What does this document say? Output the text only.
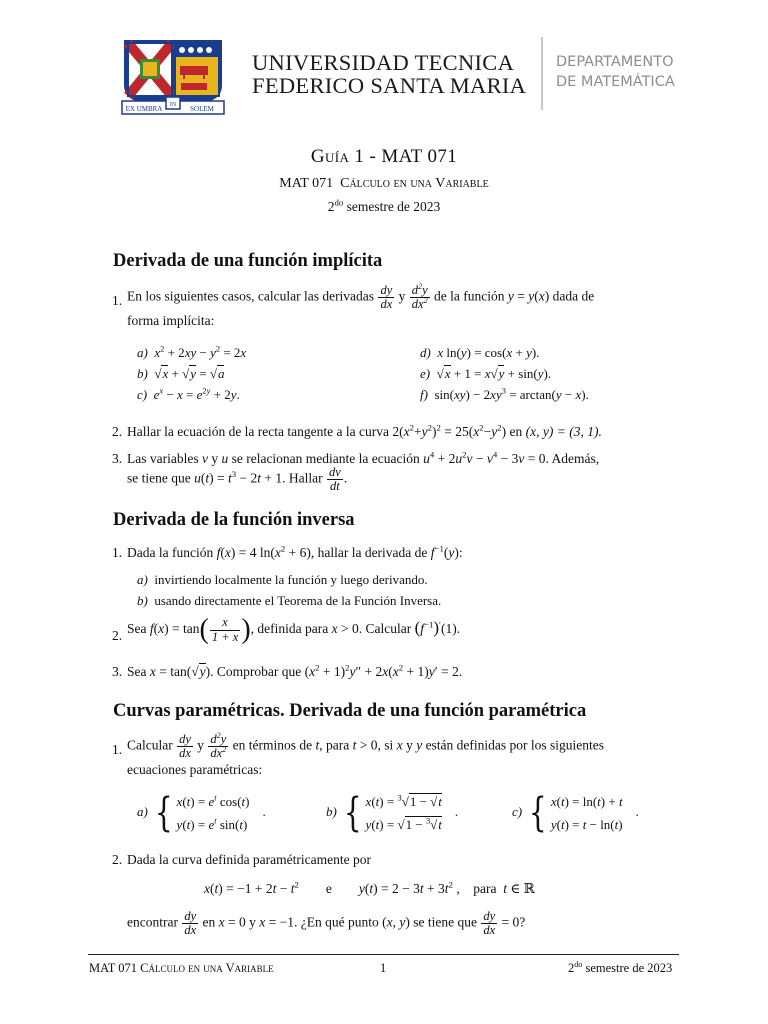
EX UMBRA IN SOLEM
UNIVERSIDAD TECNICA
FEDERICO SANTA MARIA
DEPARTAMENTO
DE MATEMÁTICA
Guía 1 - MAT 071
MAT 071 Cálculo en una Variable
$2^{do}$ semestre de 2023
Derivada de una función implícita
1. En los siguientes casos, calcular las derivadas $\frac{dy}{dx}$ y $\frac{d^2y}{dx^2}$ de la función y = y(x) dada de
forma implícita:
a) $x^2 + 2xy - y^2 = 2x$
b)  √x + √y = √a
c) $e^x - x = e^{2y} + 2y$.
d) x ln(y) = cos(x + y).
e)  √x + 1 = x√y + sin(y).
f)  $\sin(xy) - 2xy^3 = \arctan(y - x)$.
2. Hallar la ecuación de la recta tangente a la curva $2(x^2+y^2)^2 = 25(x^2-y^2)$ en (x, y) = (3, 1).
3. Las variables v y u se relacionan mediante la ecuación $u^4 + 2u^2v - v^4 - 3v = 0$. Además,
se tiene que $u(t) = t^3 - 2t + 1$. Hallar $\frac{dv}{dt}$ .
Derivada de la función inversa
1. Dada la función f(x) = 4 $\ln(x^2 + 6)$, hallar la derivada de $f^{-1}(y)$:
a) invirtiendo localmente la función y luego derivando.
b) usando directamente el Teorema de la Función Inversa.
2. Sea $f(x) = \tan( \frac{x}{1 + x}$ ), definida para x > 0. Calcular $(f^{-1})'(1)$.
3. Sea x = tan(√y). Comprobar que $(x^2 + 1)^2y'' + 2x(x^2 + 1)y' = 2$.
Curvas paramétricas. Derivada de una función paramétrica
1. Calcular $\frac{dy}{dx}$ y $\frac{d^2y}{dx^2}$ en términos de t, para t > 0, si x y y están definidas por los siguientes
ecuaciones paramétricas:
a) { $x(t) = e^t$ cos(t)
$y(t) = e^t$ sin(t)    .	b) { x(t) = $^3$√1 − √t
y(t) = √1 − $^3$√t    .	c) { x(t) = ln(t) + t
y(t) = t − ln(t)    .
2. Dada la curva definida paramétricamente por
$x(t) = -1 + 2t - t^2$ e $y(t) = 2 - 3t + 3t^2$ ,    para t ∈ ℝ
encontrar $\frac{dy}{dx}$ en x = 0 y x = −1. ¿En qué punto (x, y) se tiene que $\frac{dy}{dx} = 0$?
MAT 071 Cálculo en una Variable	1	$2^{do}$ semestre de 2023
